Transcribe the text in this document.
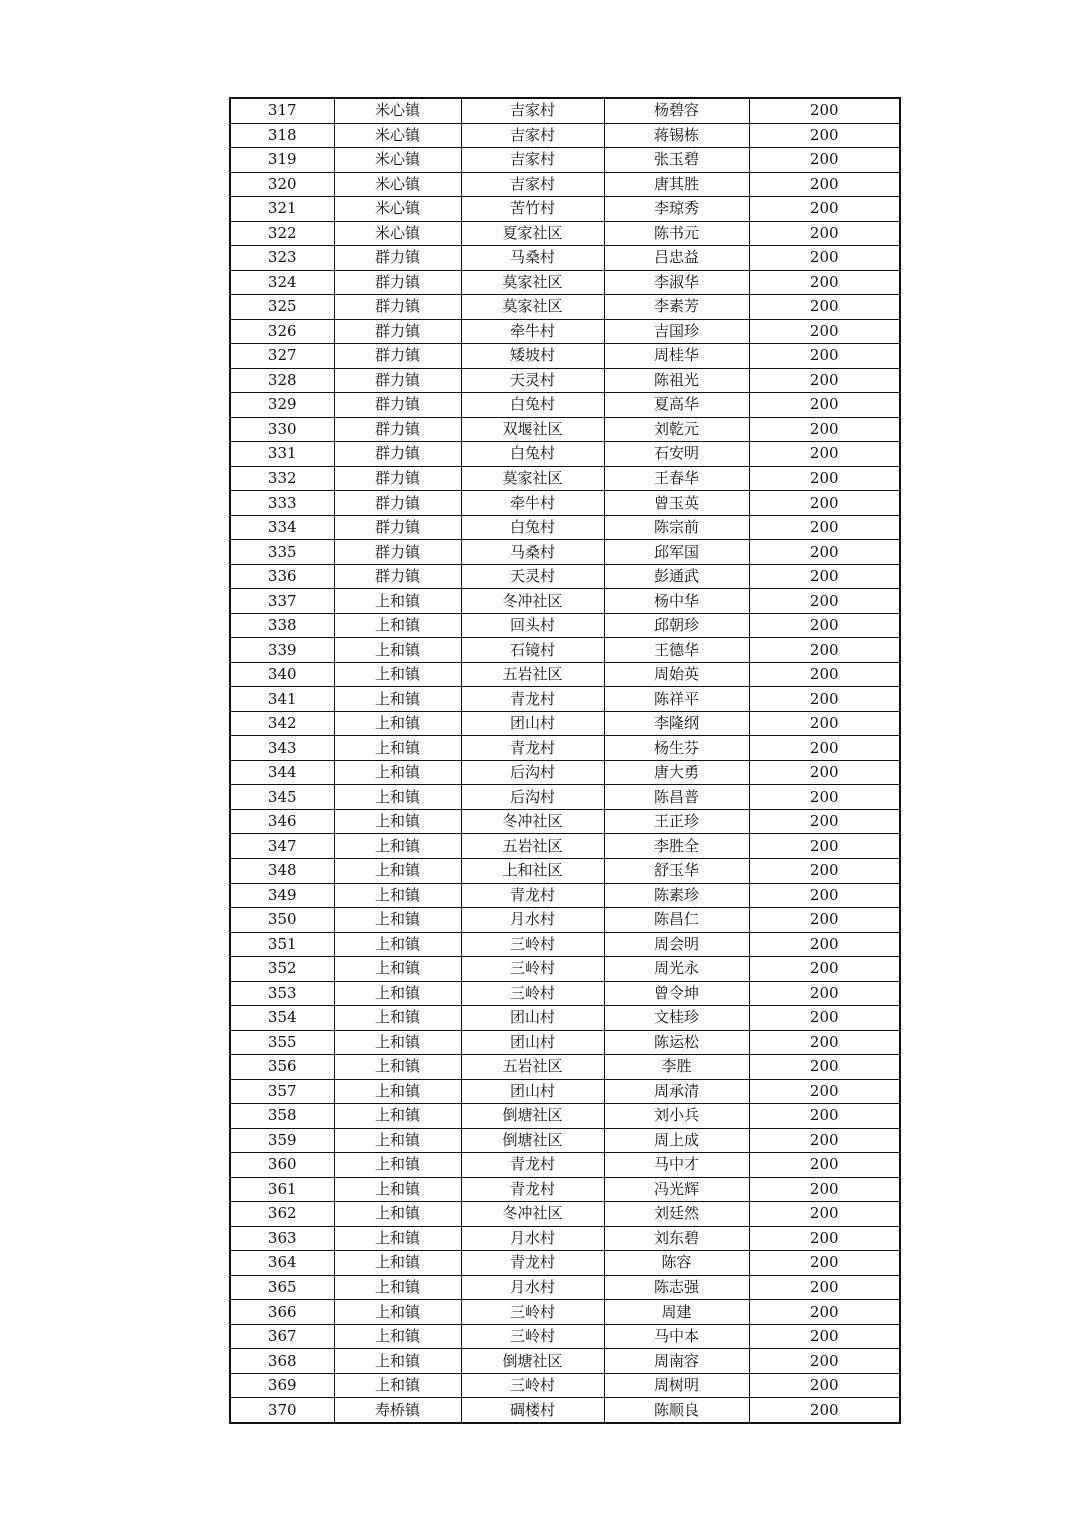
317	米心镇	吉家村	杨碧容	200
318	米心镇	吉家村	蒋锡栋	200
319	米心镇	吉家村	张玉碧	200
320	米心镇	吉家村	唐其胜	200
321	米心镇	苦竹村	李琼秀	200
322	米心镇	夏家社区	陈书元	200
323	群力镇	马桑村	吕忠益	200
324	群力镇	莫家社区	李淑华	200
325	群力镇	莫家社区	李素芳	200
326	群力镇	牵牛村	吉国珍	200
327	群力镇	矮坡村	周桂华	200
328	群力镇	天灵村	陈祖光	200
329	群力镇	白兔村	夏高华	200
330	群力镇	双堰社区	刘乾元	200
331	群力镇	白兔村	石安明	200
332	群力镇	莫家社区	王春华	200
333	群力镇	牵牛村	曾玉英	200
334	群力镇	白兔村	陈宗前	200
335	群力镇	马桑村	邱军国	200
336	群力镇	天灵村	彭通武	200
337	上和镇	冬冲社区	杨中华	200
338	上和镇	回头村	邱朝珍	200
339	上和镇	石镜村	王德华	200
340	上和镇	五岩社区	周始英	200
341	上和镇	青龙村	陈祥平	200
342	上和镇	团山村	李隆纲	200
343	上和镇	青龙村	杨生芬	200
344	上和镇	后沟村	唐大勇	200
345	上和镇	后沟村	陈昌普	200
346	上和镇	冬冲社区	王正珍	200
347	上和镇	五岩社区	李胜全	200
348	上和镇	上和社区	舒玉华	200
349	上和镇	青龙村	陈素珍	200
350	上和镇	月水村	陈昌仁	200
351	上和镇	三岭村	周会明	200
352	上和镇	三岭村	周光永	200
353	上和镇	三岭村	曾令坤	200
354	上和镇	团山村	文桂珍	200
355	上和镇	团山村	陈运松	200
356	上和镇	五岩社区	李胜	200
357	上和镇	团山村	周承清	200
358	上和镇	倒塘社区	刘小兵	200
359	上和镇	倒塘社区	周上成	200
360	上和镇	青龙村	马中才	200
361	上和镇	青龙村	冯光辉	200
362	上和镇	冬冲社区	刘廷然	200
363	上和镇	月水村	刘东碧	200
364	上和镇	青龙村	陈容	200
365	上和镇	月水村	陈志强	200
366	上和镇	三岭村	周建	200
367	上和镇	三岭村	马中本	200
368	上和镇	倒塘社区	周南容	200
369	上和镇	三岭村	周树明	200
370	寿桥镇	碉楼村	陈顺良	200
